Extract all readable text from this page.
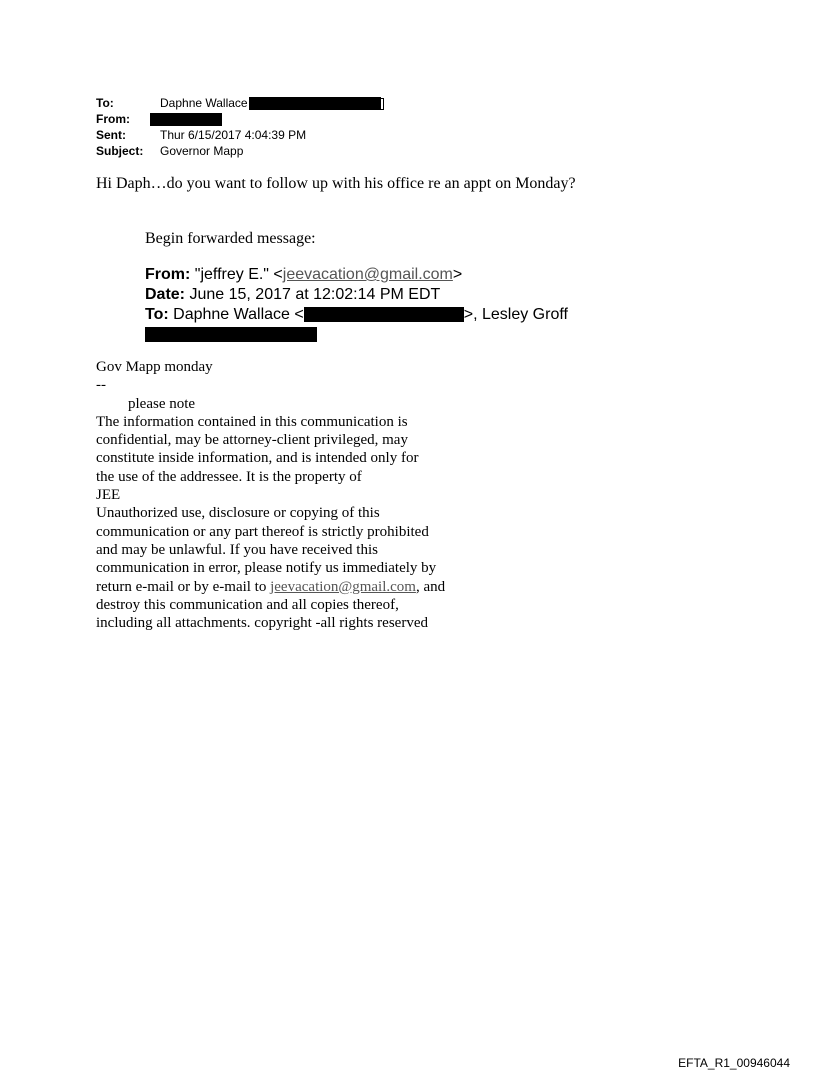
To:	Daphne Wallace
From:
Sent:	Thur 6/15/2017 4:04:39 PM
Subject: Governor Mapp
Hi Daph…do you want to follow up with his office re an appt on Monday?
Begin forwarded message:
From: "jeffrey E." <jeevacation@gmail.com>
Date: June 15, 2017 at 12:02:14 PM EDT
To: Daphne Wallace <	>, Lesley Groff
Gov Mapp monday
--
please note
The information contained in this communication is
confidential, may be attorney-client privileged, may
constitute inside information, and is intended only for
the use of the addressee. It is the property of
JEE
Unauthorized use, disclosure or copying of this
communication or any part thereof is strictly prohibited
and may be unlawful. If you have received this
communication in error, please notify us immediately by
return e-mail or by e-mail to jeevacation@gmail.com, and
destroy this communication and all copies thereof,
including all attachments. copyright -all rights reserved
EFTA_R1_00946044
